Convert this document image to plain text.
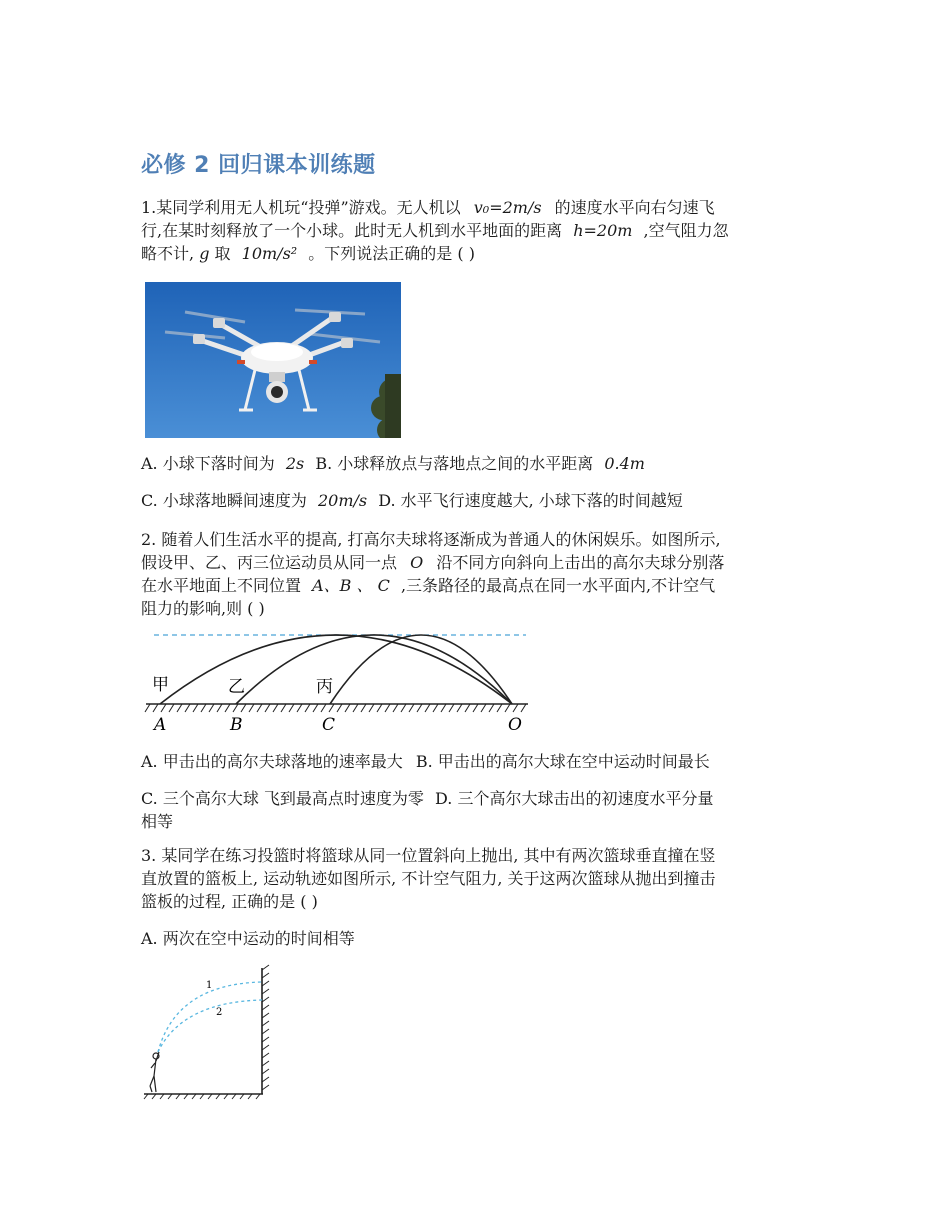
必修 2 回归课本训练题
1.某同学利用无人机玩“投弹”游戏。无人机以 v₀=2m/s 的速度水平向右匀速飞
行,在某时刻释放了一个小球。此时无人机到水平地面的距离 h=20m ,空气阻力忽
略不计, g 取 10m/s² 。下列说法正确的是 ( )
A. 小球下落时间为 2s B. 小球释放点与落地点之间的水平距离 0.4m
C. 小球落地瞬间速度为 20m/s D. 水平飞行速度越大, 小球下落的时间越短
2. 随着人们生活水平的提高, 打高尔夫球将逐渐成为普通人的休闲娱乐。如图所示,
假设甲、乙、丙三位运动员从同一点 O 沿不同方向斜向上击出的高尔夫球分别落
在水平地面上不同位置 A、B 、 C ,三条路径的最高点在同一水平面内,不计空气
阻力的影响,则 ( )
甲	乙	丙
A	B	C	O
A. 甲击出的高尔夫球落地的速率最大 B. 甲击出的高尔大球在空中运动时间最长
C. 三个高尔大球 飞到最高点时速度为零 D. 三个高尔大球击出的初速度水平分量
相等
3. 某同学在练习投篮时将篮球从同一位置斜向上抛出, 其中有两次篮球垂直撞在竖
直放置的篮板上, 运动轨迹如图所示, 不计空气阻力, 关于这两次篮球从抛出到撞击
篮板的过程, 正确的是 ( )
A. 两次在空中运动的时间相等
1
2
